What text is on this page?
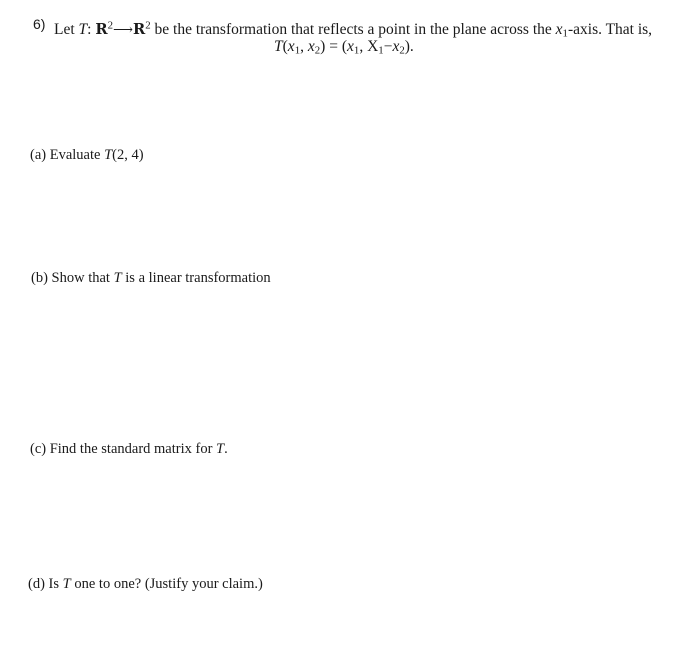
6) Let T: $R^2⟶R^2$ be the transformation that reflects a point in the plane across the $x_1$-axis. That is,
$T(x_1$, $x_2) = (x_1$, $X_1-x_2$).
(a) Evaluate T(2, 4)
(b) Show that T is a linear transformation
(c) Find the standard matrix for T.
(d) Is T one to one? (Justify your claim.)
